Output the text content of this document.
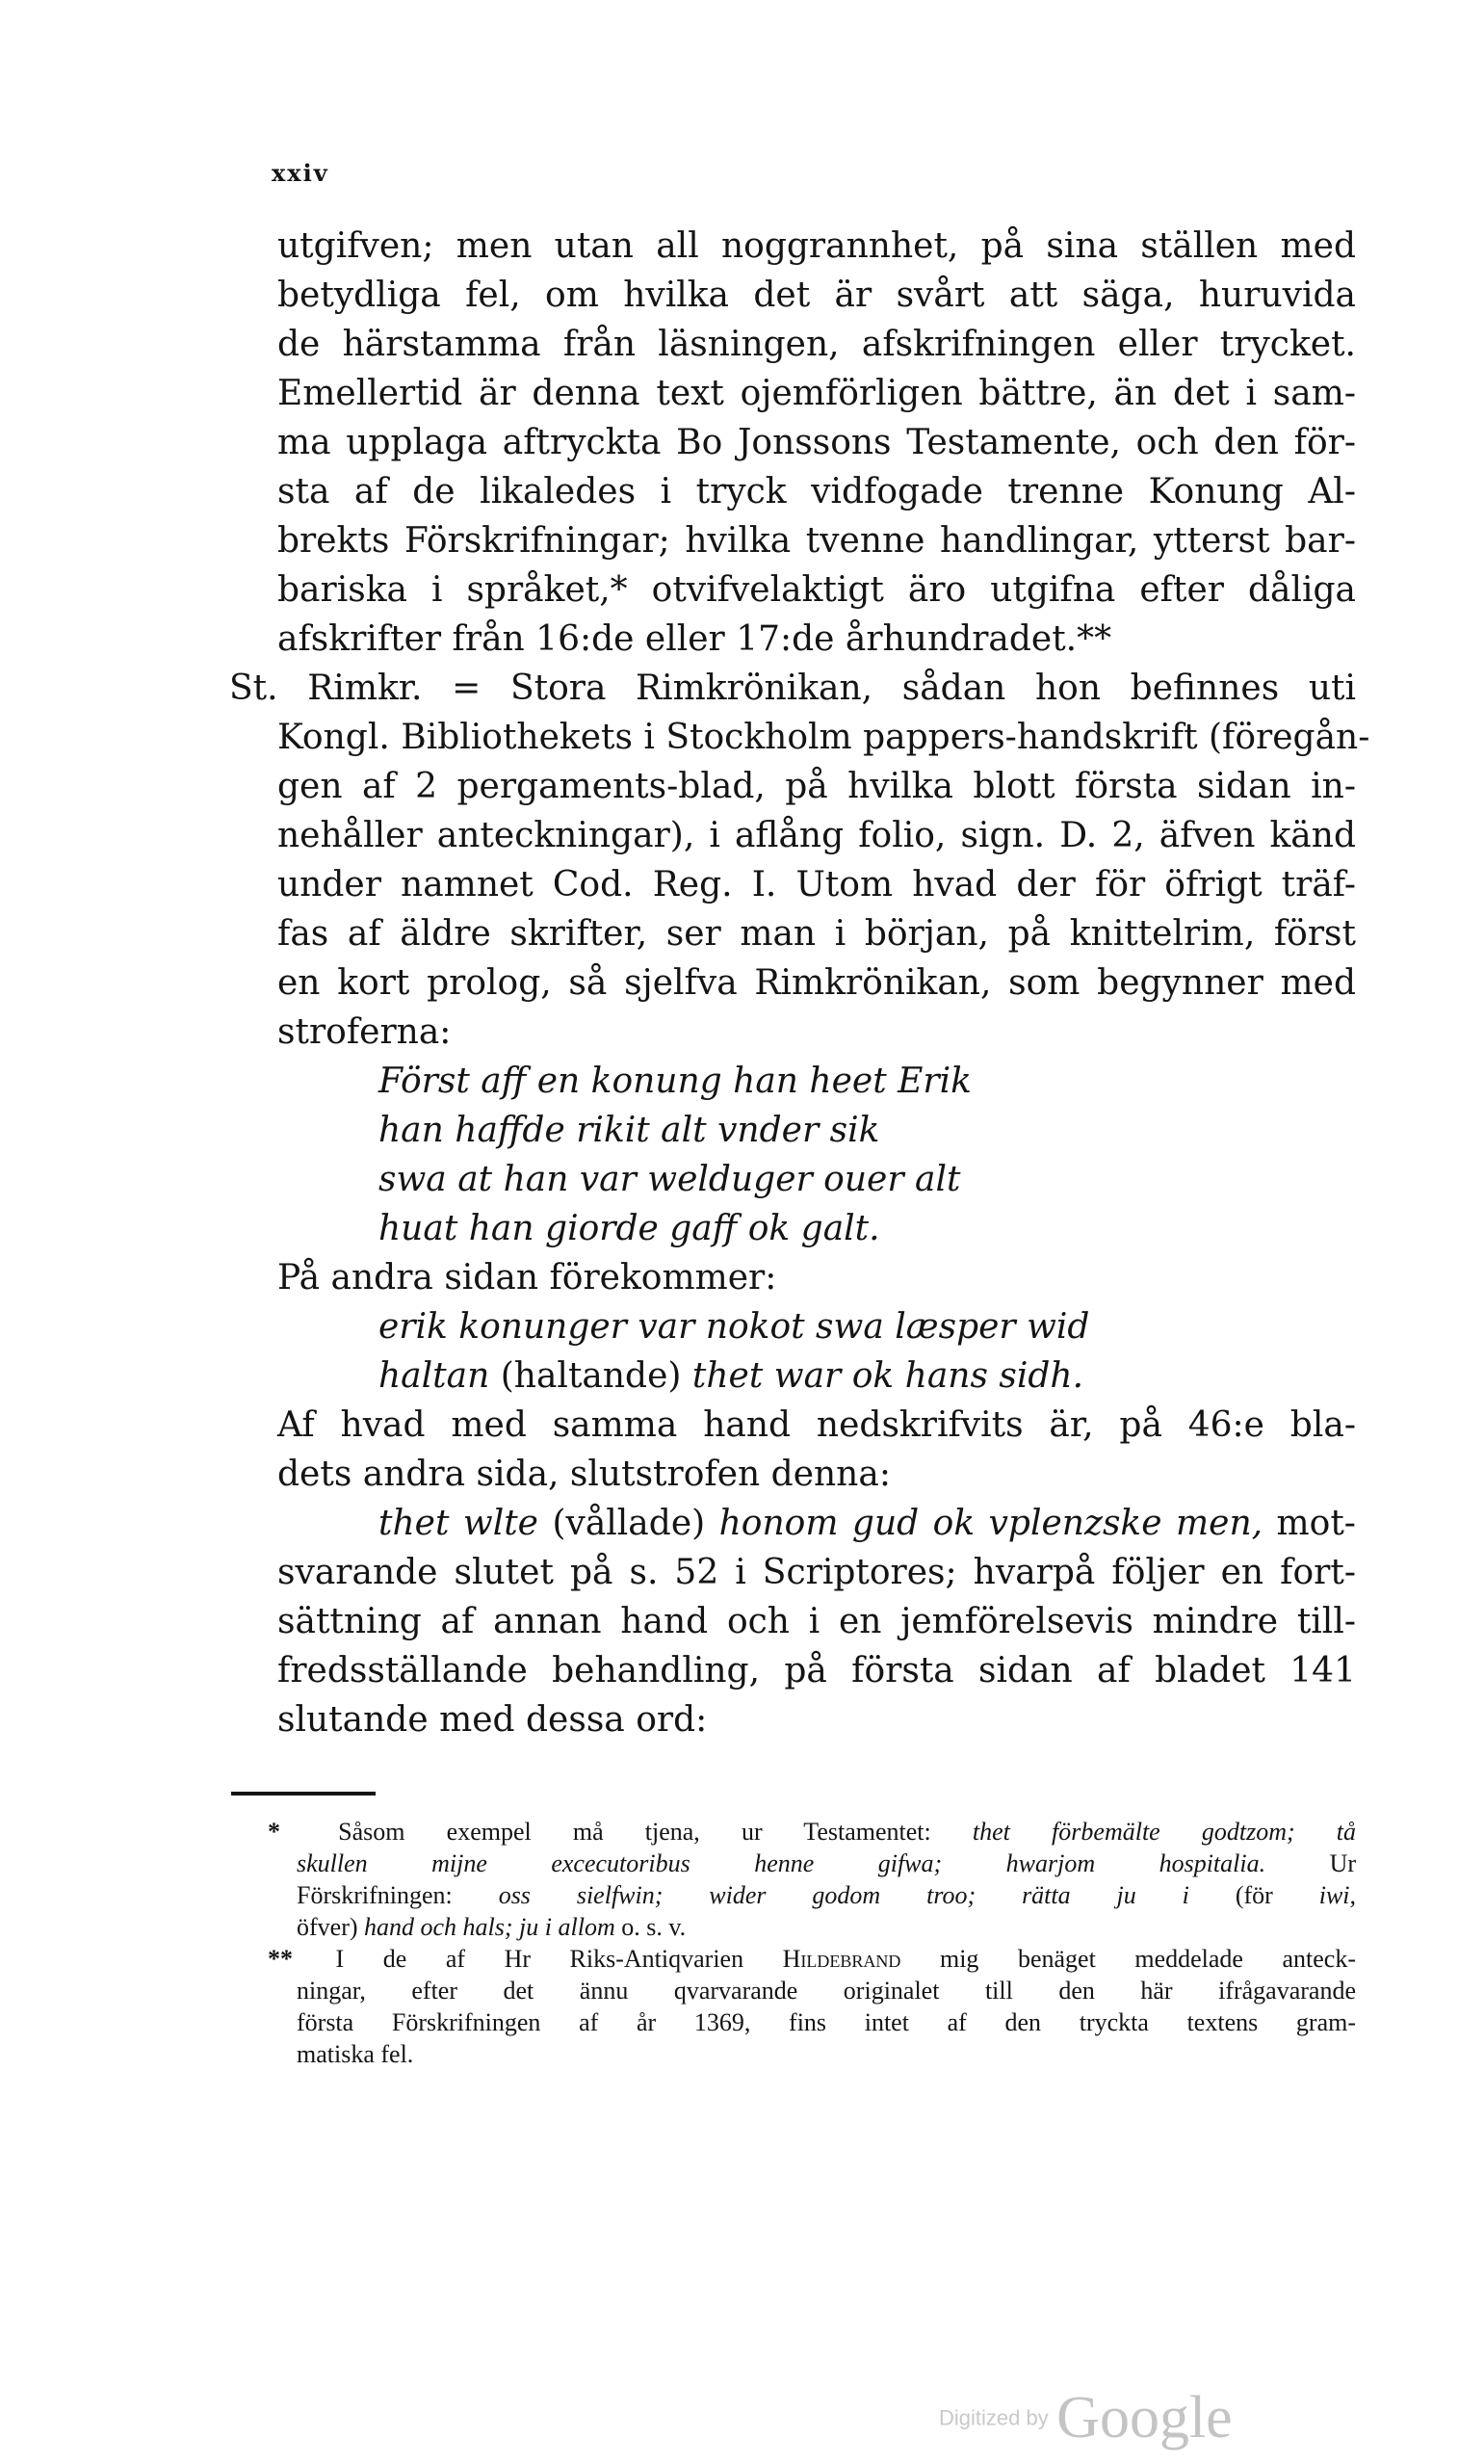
xxiv
utgifven; men utan all noggrannhet, på sina ställen med
betydliga fel, om hvilka det är svårt att säga, huruvida
de härstamma från läsningen, afskrifningen eller trycket.
Emellertid är denna text ojemförligen bättre, än det i sam-
ma upplaga aftryckta Bo Jonssons Testamente, och den för-
sta af de likaledes i tryck vidfogade trenne Konung Al-
brekts Förskrifningar; hvilka tvenne handlingar, ytterst bar-
bariska i språket,* otvifvelaktigt äro utgifna efter dåliga
afskrifter från 16:de eller 17:de århundradet.**
St. Rimkr. = Stora Rimkrönikan, sådan hon befinnes uti
Kongl. Bibliothekets i Stockholm pappers-handskrift (föregån-
gen af 2 pergaments-blad, på hvilka blott första sidan in-
nehåller anteckningar), i aflång folio, sign. D. 2, äfven känd
under namnet Cod. Reg. I. Utom hvad der för öfrigt träf-
fas af äldre skrifter, ser man i början, på knittelrim, först
en kort prolog, så sjelfva Rimkrönikan, som begynner med
stroferna:
Först aff en konung han heet Erik
han haffde rikit alt vnder sik
swa at han var welduger ouer alt
huat han giorde gaff ok galt.
På andra sidan förekommer:
erik konunger var nokot swa læsper wid
haltan (haltande) thet war ok hans sidh.
Af hvad med samma hand nedskrifvits är, på 46:e bla-
dets andra sida, slutstrofen denna:
thet wlte (vållade) honom gud ok vplenzske men, mot-
svarande slutet på s. 52 i Scriptores; hvarpå följer en fort-
sättning af annan hand och i en jemförelsevis mindre till-
fredsställande behandling, på första sidan af bladet 141
slutande med dessa ord:
* Såsom exempel må tjena, ur Testamentet: thet förbemälte godtzom; tå
skullen mijne excecutoribus henne gifwa; hwarjom hospitalia.	Ur
Förskrifningen: oss sielfwin; wider godom troo; rätta ju i (för iwi,
öfver) hand och hals; ju i allom o. s. v.
** I de af Hr Riks-Antiqvarien Hildebrand mig benäget meddelade anteck-
ningar, efter det ännu qvarvarande originalet till den här ifrågavarande
första Förskrifningen af år 1369, fins intet af den tryckta textens gram-
matiska fel.
Digitized by Google
